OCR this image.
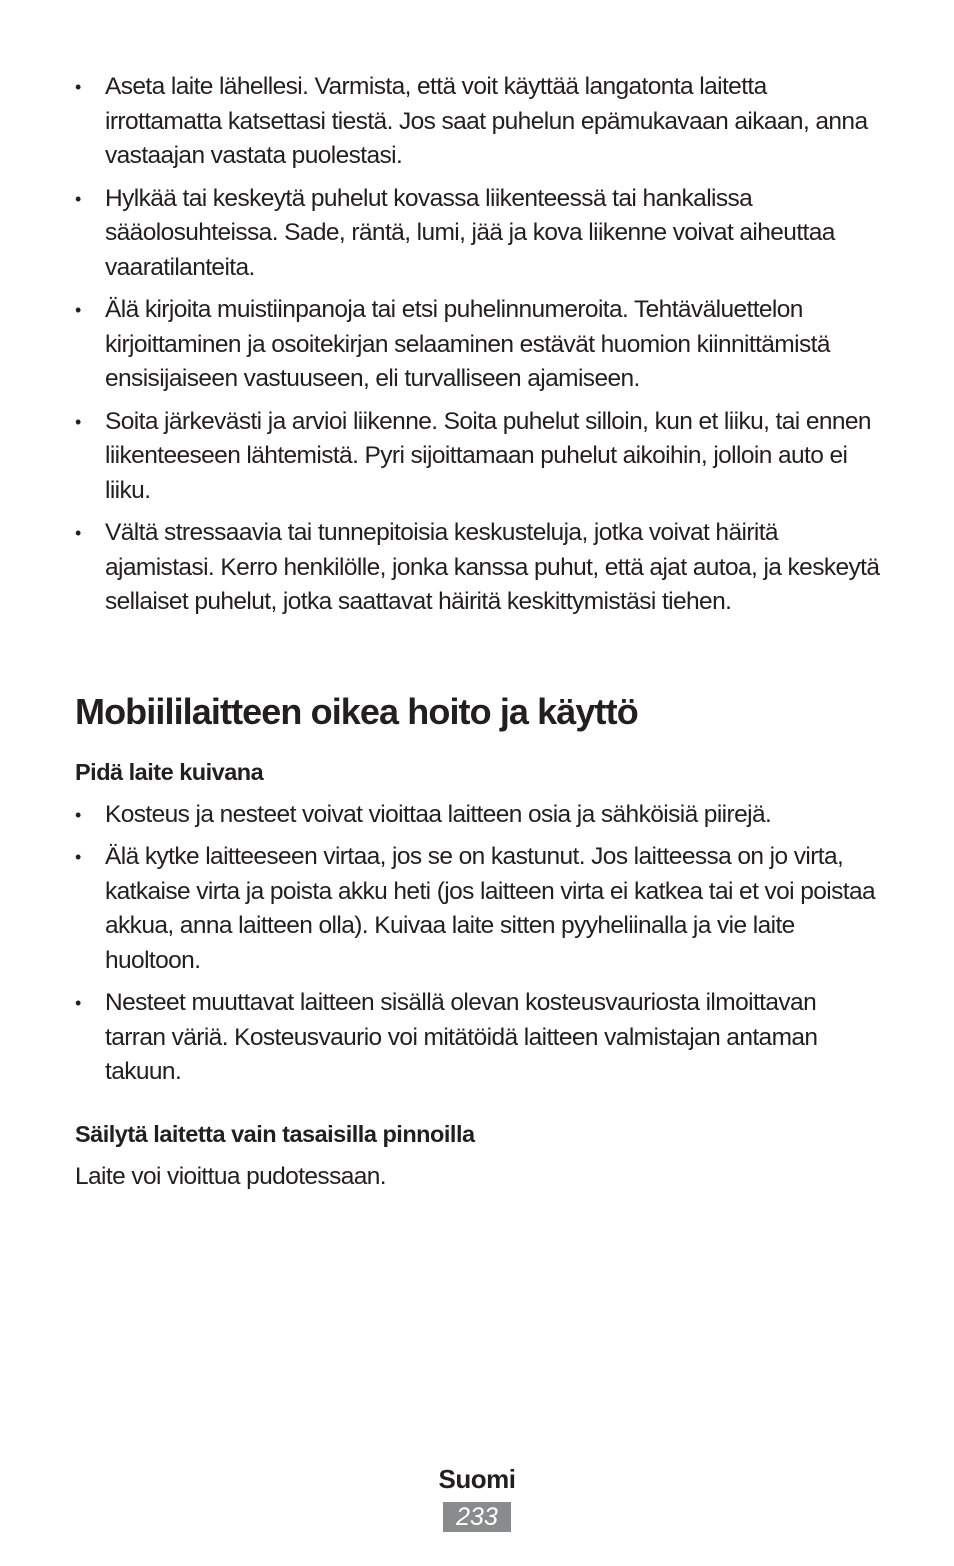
• Aseta laite lähellesi. Varmista, että voit käyttää langatonta laitetta irrottamatta katsettasi tiestä. Jos saat puhelun epämukavaan aikaan, anna vastaajan vastata puolestasi.
• Hylkää tai keskeytä puhelut kovassa liikenteessä tai hankalissa sääolosuhteissa. Sade, räntä, lumi, jää ja kova liikenne voivat aiheuttaa vaaratilanteita.
• Älä kirjoita muistiinpanoja tai etsi puhelinnumeroita. Tehtäväluettelon kirjoittaminen ja osoitekirjan selaaminen estävät huomion kiinnittämistä ensisijaiseen vastuuseen, eli turvalliseen ajamiseen.
• Soita järkevästi ja arvioi liikenne. Soita puhelut silloin, kun et liiku, tai ennen liikenteeseen lähtemistä. Pyri sijoittamaan puhelut aikoihin, jolloin auto ei liiku.
• Vältä stressaavia tai tunnepitoisia keskusteluja, jotka voivat häiritä ajamistasi. Kerro henkilölle, jonka kanssa puhut, että ajat autoa, ja keskeytä sellaiset puhelut, jotka saattavat häiritä keskittymistäsi tiehen.
Mobiililaitteen oikea hoito ja käyttö
Pidä laite kuivana
• Kosteus ja nesteet voivat vioittaa laitteen osia ja sähköisiä piirejä.
• Älä kytke laitteeseen virtaa, jos se on kastunut. Jos laitteessa on jo virta, katkaise virta ja poista akku heti (jos laitteen virta ei katkea tai et voi poistaa akkua, anna laitteen olla). Kuivaa laite sitten pyyheliinalla ja vie laite huoltoon.
• Nesteet muuttavat laitteen sisällä olevan kosteusvauriosta ilmoittavan tarran väriä. Kosteusvaurio voi mitätöidä laitteen valmistajan antaman takuun.
Säilytä laitetta vain tasaisilla pinnoilla

Laite voi vioittua pudotessaan.

Suomi
233
